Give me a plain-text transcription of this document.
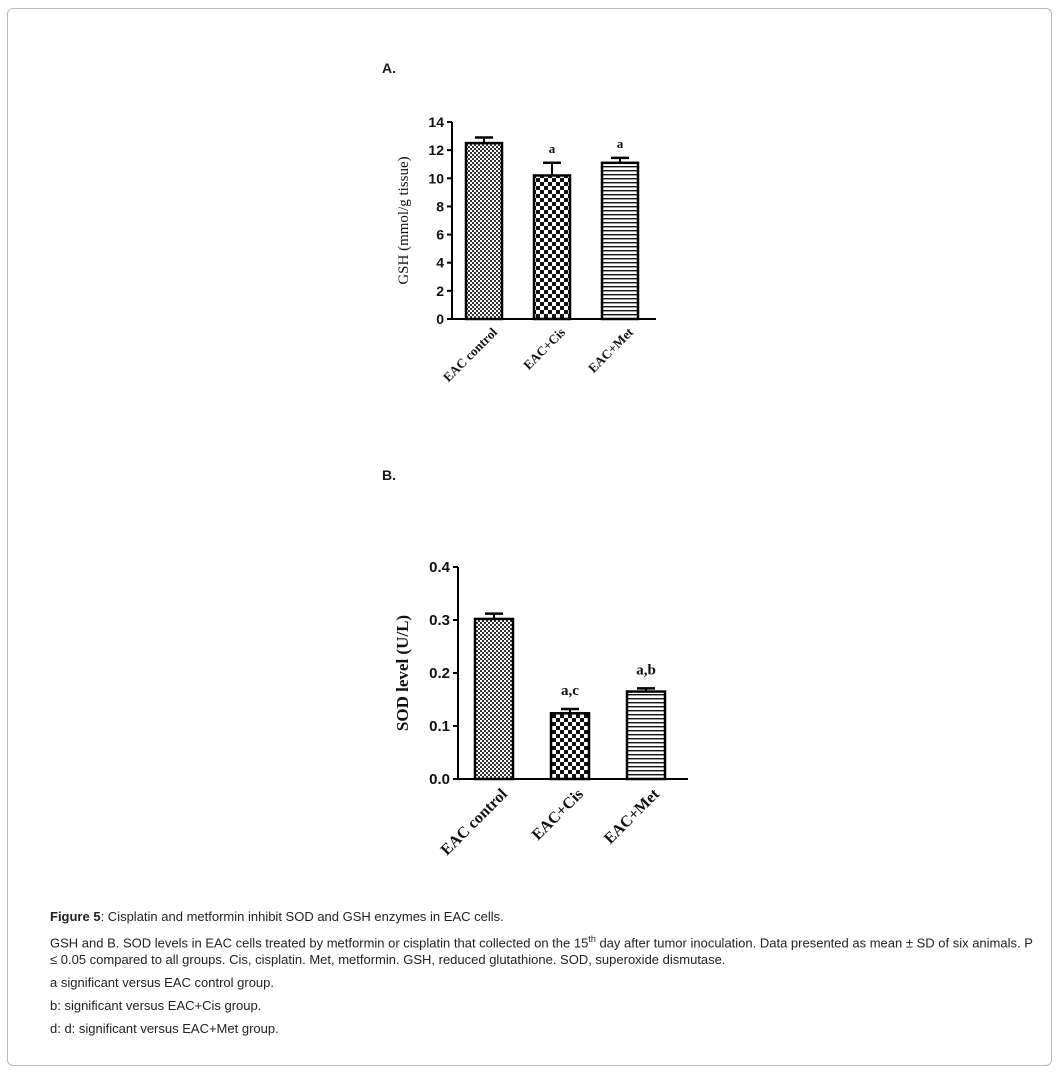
A.
0
2
4
6
8
10
12
14
GSH (mmol/g tissue)
EAC control
a
EAC+Cis
a
EAC+Met
B.
0.0
0.1
0.2
0.3
0.4
SOD level (U/L)
EAC control
a,c
EAC+Cis
a,b
EAC+Met

Figure 5: Cisplatin and metformin inhibit SOD and GSH enzymes in EAC cells.

GSH and B. SOD levels in EAC cells treated by metformin or cisplatin that collected on the 15th day after tumor inoculation. Data presented as mean ± SD of six animals. P ≤ 0.05 compared to all groups. Cis, cisplatin. Met, metformin. GSH, reduced glutathione. SOD, superoxide dismutase.

a significant versus EAC control group.

b: significant versus EAC+Cis group.

d: d: significant versus EAC+Met group.
